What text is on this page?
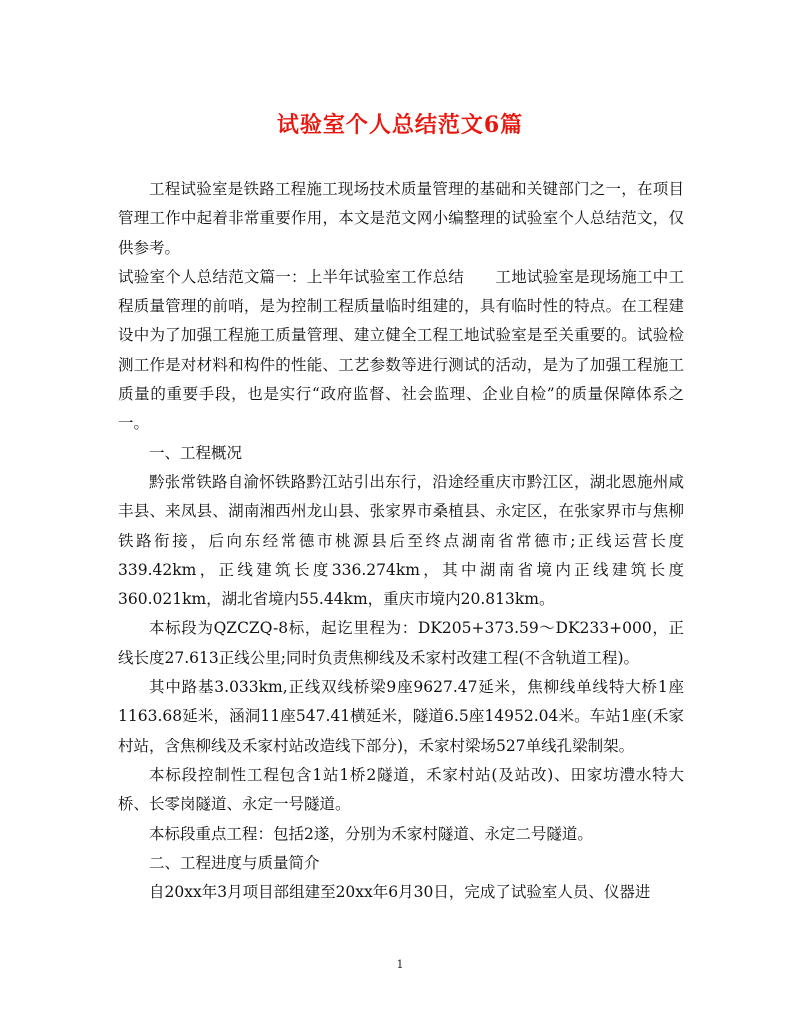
试验室个人总结范文6篇

工程试验室是铁路工程施工现场技术质量管理的基础和关键部门之一，在项目管理工作中起着非常重要作用，本文是范文网小编整理的试验室个人总结范文，仅供参考。

试验室个人总结范文篇一：上半年试验室工作总结　　工地试验室是现场施工中工程质量管理的前哨，是为控制工程质量临时组建的，具有临时性的特点。在工程建设中为了加强工程施工质量管理、建立健全工程工地试验室是至关重要的。试验检测工作是对材料和构件的性能、工艺参数等进行测试的活动，是为了加强工程施工质量的重要手段，也是实行“政府监督、社会监理、企业自检”的质量保障体系之一。

一、工程概况

黔张常铁路自渝怀铁路黔江站引出东行，沿途经重庆市黔江区，湖北恩施州咸丰县、来凤县、湖南湘西州龙山县、张家界市桑植县、永定区，在张家界市与焦柳铁路衔接，后向东经常德市桃源县后至终点湖南省常德市;正线运营长度339.42km，正线建筑长度336.274km，其中湖南省境内正线建筑长度360.021km，湖北省境内55.44km，重庆市境内20.813km。

本标段为QZCZQ-8标，起讫里程为：DK205+373.59～DK233+000，正线长度27.613正线公里;同时负责焦柳线及禾家村改建工程(不含轨道工程)。

其中路基3.033km,正线双线桥梁9座9627.47延米，焦柳线单线特大桥1座1163.68延米，涵洞11座547.41横延米，隧道6.5座14952.04米。车站1座(禾家村站，含焦柳线及禾家村站改造线下部分)，禾家村梁场527单线孔梁制架。

本标段控制性工程包含1站1桥2隧道，禾家村站(及站改)、田家坊澧水特大桥、长零岗隧道、永定一号隧道。

本标段重点工程：包括2遂，分别为禾家村隧道、永定二号隧道。

二、工程进度与质量简介

自20xx年3月项目部组建至20xx年6月30日，完成了试验室人员、仪器进

1
